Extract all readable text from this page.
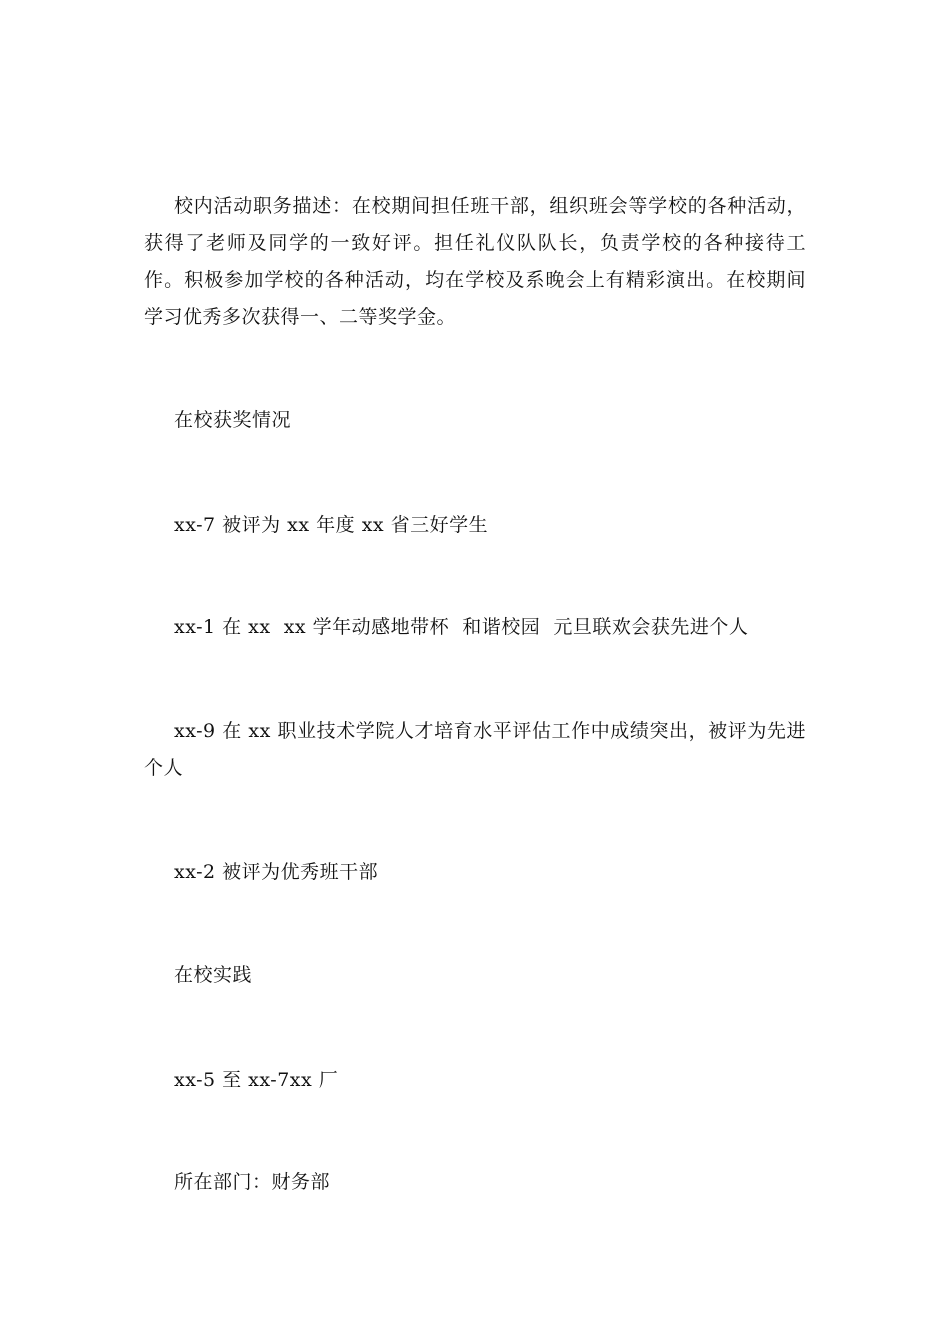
校内活动职务描述：在校期间担任班干部，组织班会等学校的各种活动，获得了老师及同学的一致好评。担任礼仪队队长，负责学校的各种接待工作。积极参加学校的各种活动，均在学校及系晚会上有精彩演出。在校期间学习优秀多次获得一、二等奖学金。

在校获奖情况

xx-7 被评为 xx 年度 xx 省三好学生

xx-1 在 xx  xx 学年动感地带杯  和谐校园  元旦联欢会获先进个人

xx-9 在 xx 职业技术学院人才培育水平评估工作中成绩突出，被评为先进个人

xx-2 被评为优秀班干部

在校实践

xx-5 至 xx-7xx 厂

所在部门：财务部
